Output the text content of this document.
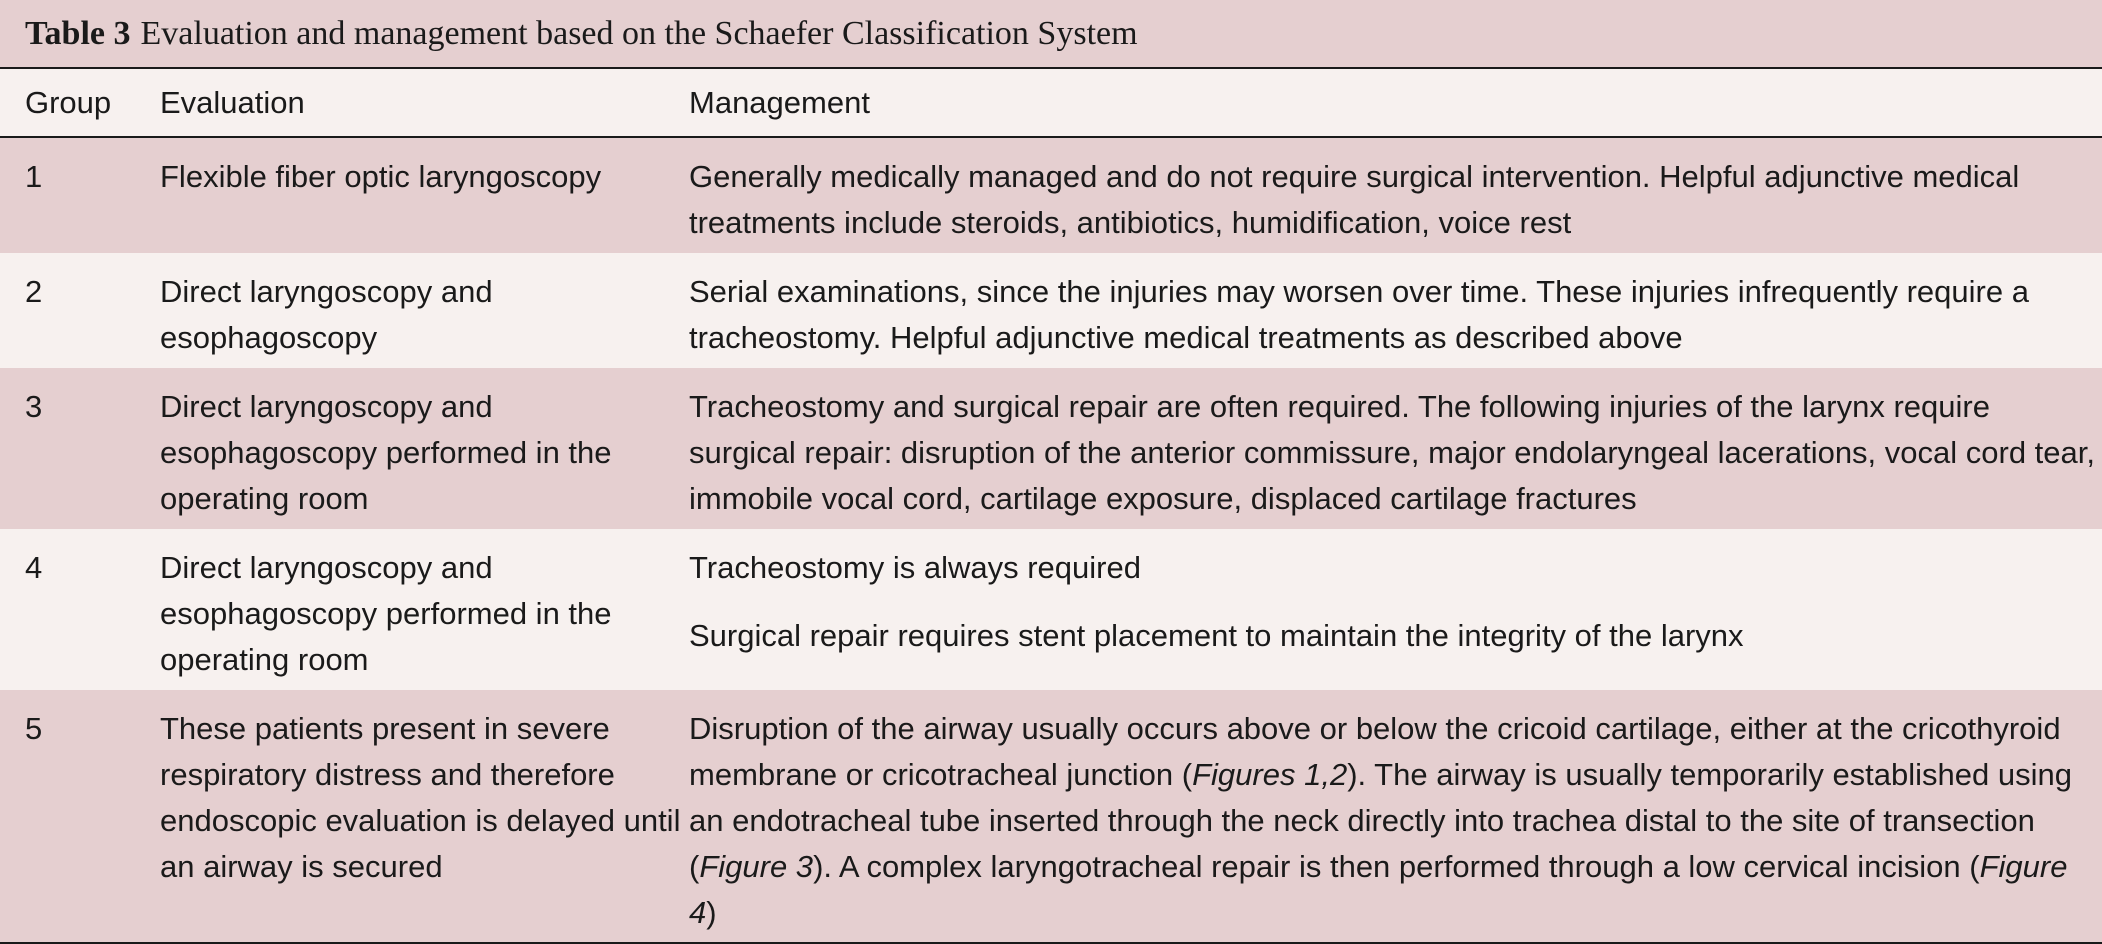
Table 3 Evaluation and management based on the Schaefer Classification System
Group	Evaluation	Management
1	Flexible fiber optic laryngoscopy	Generally medically managed and do not require surgical intervention. Helpful adjunctive medical treatments include steroids, antibiotics, humidification, voice rest
2	Direct laryngoscopy and esophagoscopy	Serial examinations, since the injuries may worsen over time. These injuries infrequently require a tracheostomy. Helpful adjunctive medical treatments as described above
3	Direct laryngoscopy and esophagoscopy performed in the operating room	Tracheostomy and surgical repair are often required. The following injuries of the larynx require surgical repair: disruption of the anterior commissure, major endolaryngeal lacerations, vocal cord tear, immobile vocal cord, cartilage exposure, displaced cartilage fractures
4	Direct laryngoscopy and esophagoscopy performed in the operating room	Tracheostomy is always required
Surgical repair requires stent placement to maintain the integrity of the larynx

5	These patients present in severe respiratory distress and therefore endoscopic evaluation is delayed until an airway is secured	Disruption of the airway usually occurs above or below the cricoid cartilage, either at the cricothyroid membrane or cricotracheal junction (Figures 1,2). The airway is usually temporarily established using an endotracheal tube inserted through the neck directly into trachea distal to the site of transection (Figure 3). A complex laryngotracheal repair is then performed through a low cervical incision (Figure 4)
